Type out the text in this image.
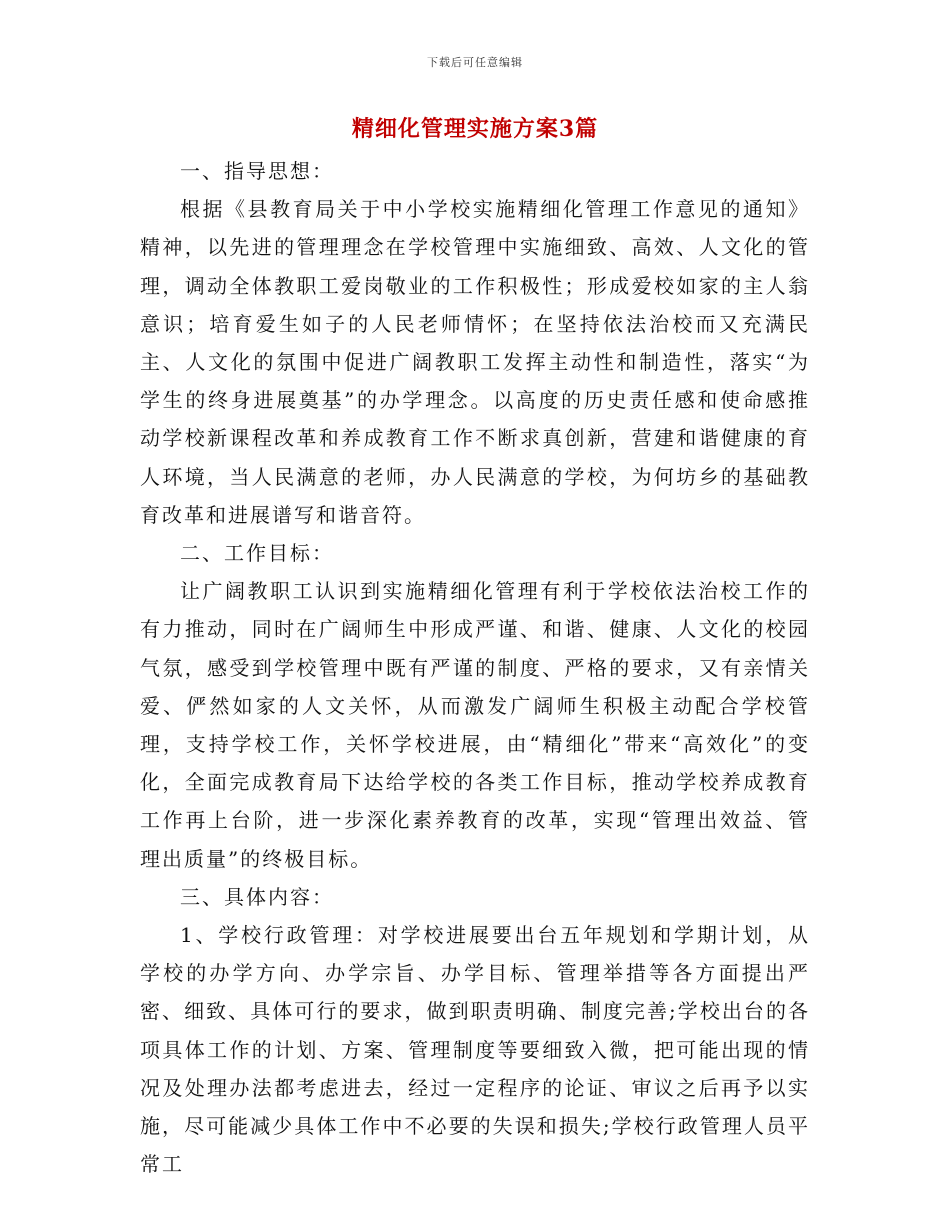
下载后可任意编辑
精细化管理实施方案3篇

一、指导思想：

根据《县教育局关于中小学校实施精细化管理工作意见的通知》精神，以先进的管理理念在学校管理中实施细致、高效、人文化的管理，调动全体教职工爱岗敬业的工作积极性；形成爱校如家的主人翁意识；培育爱生如子的人民老师情怀；在坚持依法治校而又充满民主、人文化的氛围中促进广阔教职工发挥主动性和制造性，落实“为学生的终身进展奠基”的办学理念。以高度的历史责任感和使命感推动学校新课程改革和养成教育工作不断求真创新，营建和谐健康的育人环境，当人民满意的老师，办人民满意的学校，为何坊乡的基础教育改革和进展谱写和谐音符。

二、工作目标：

让广阔教职工认识到实施精细化管理有利于学校依法治校工作的有力推动，同时在广阔师生中形成严谨、和谐、健康、人文化的校园气氛，感受到学校管理中既有严谨的制度、严格的要求，又有亲情关爱、俨然如家的人文关怀，从而激发广阔师生积极主动配合学校管理，支持学校工作，关怀学校进展，由“精细化”带来“高效化”的变化，全面完成教育局下达给学校的各类工作目标，推动学校养成教育工作再上台阶，进一步深化素养教育的改革，实现“管理出效益、管理出质量”的终极目标。

三、具体内容：

1、学校行政管理：对学校进展要出台五年规划和学期计划，从学校的办学方向、办学宗旨、办学目标、管理举措等各方面提出严密、细致、具体可行的要求，做到职责明确、制度完善;学校出台的各项具体工作的计划、方案、管理制度等要细致入微，把可能出现的情况及处理办法都考虑进去，经过一定程序的论证、审议之后再予以实施，尽可能减少具体工作中不必要的失误和损失;学校行政管理人员平常工
